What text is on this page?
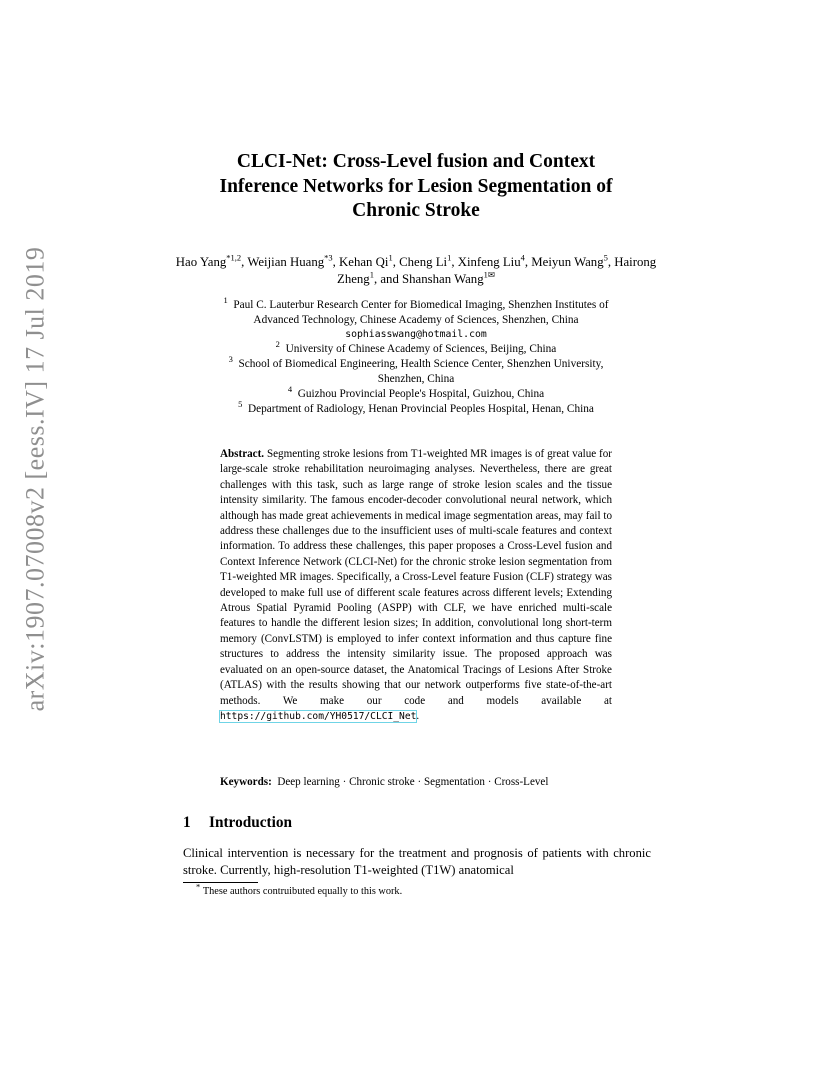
arXiv:1907.07008v2 [eess.IV] 17 Jul 2019
CLCI-Net: Cross-Level fusion and Context
Inference Networks for Lesion Segmentation of
Chronic Stroke
Hao Yang$^{*1,2}$, Weijian Huang$^{*3}$, Kehan Qi$^1$, Cheng Li$^1$, Xinfeng Liu$^4$, Meiyun Wang$^5$, Hairong Zheng$^1$, and Shanshan Wang$^{1✉}$

$^1$ Paul C. Lauterbur Research Center for Biomedical Imaging, Shenzhen Institutes of

Advanced Technology, Chinese Academy of Sciences, Shenzhen, China

sophiasswang@hotmail.com

$^2$ University of Chinese Academy of Sciences, Beijing, China

$^3$ School of Biomedical Engineering, Health Science Center, Shenzhen University,

Shenzhen, China

$^4$ Guizhou Provincial People's Hospital, Guizhou, China

$^5$ Department of Radiology, Henan Provincial Peoples Hospital, Henan, China

Abstract. Segmenting stroke lesions from T1-weighted MR images is of great value for large-scale stroke rehabilitation neuroimaging analyses. Nevertheless, there are great challenges with this task, such as large range of stroke lesion scales and the tissue intensity similarity. The famous encoder-decoder convolutional neural network, which although has made great achievements in medical image segmentation areas, may fail to address these challenges due to the insufficient uses of multi-scale features and context information. To address these challenges, this paper proposes a Cross-Level fusion and Context Inference Network (CLCI-Net) for the chronic stroke lesion segmentation from T1-weighted MR images. Specifically, a Cross-Level feature Fusion (CLF) strategy was developed to make full use of different scale features across different levels; Extending Atrous Spatial Pyramid Pooling (ASPP) with CLF, we have enriched multi-scale features to handle the different lesion sizes; In addition, convolutional long short-term memory (ConvLSTM) is employed to infer context information and thus capture fine structures to address the intensity similarity issue. The proposed approach was evaluated on an open-source dataset, the Anatomical Tracings of Lesions After Stroke (ATLAS) with the results showing that our network outperforms five state-of-the-art methods. We make our code and models available at https://github.com/YH0517/CLCI_Net.
Keywords: Deep learning · Chronic stroke · Segmentation · Cross-Level
1 Introduction
Clinical intervention is necessary for the treatment and prognosis of patients with chronic stroke. Currently, high-resolution T1-weighted (T1W) anatomical
* These authors contruibuted equally to this work.
